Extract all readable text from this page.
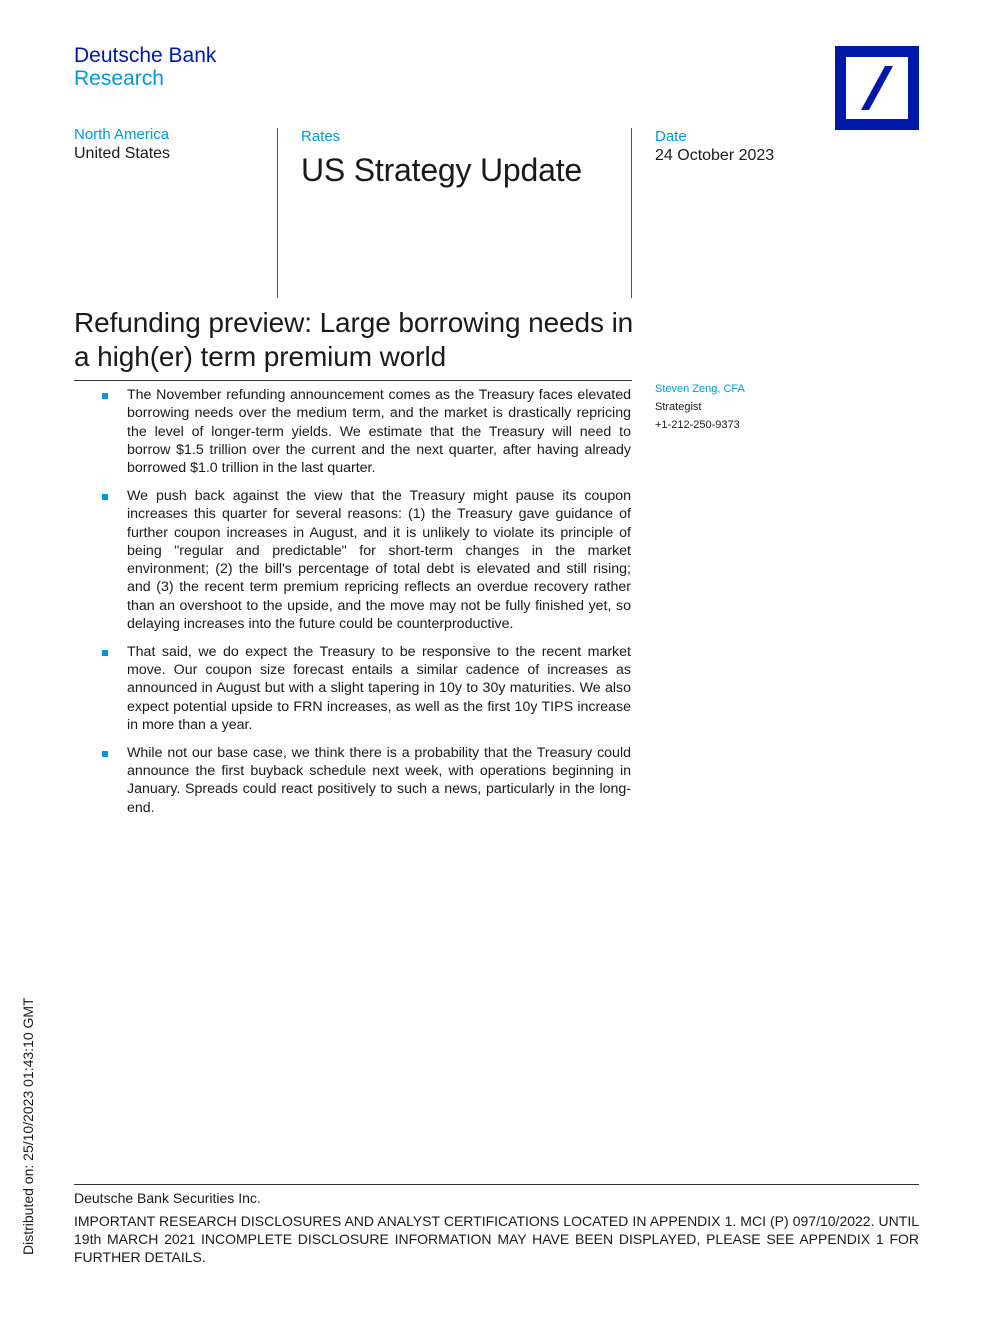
Deutsche Bank
Research
North America
United States
Rates
US Strategy Update
Date
24 October 2023
Refunding preview: Large borrowing needs in a high(er) term premium world
Steven Zeng, CFA
Strategist
+1-212-250-9373
The November refunding announcement comes as the Treasury faces elevated borrowing needs over the medium term, and the market is drastically repricing the level of longer-term yields. We estimate that the Treasury will need to borrow $1.5 trillion over the current and the next quarter, after having already borrowed $1.0 trillion in the last quarter.
We push back against the view that the Treasury might pause its coupon increases this quarter for several reasons: (1) the Treasury gave guidance of further coupon increases in August, and it is unlikely to violate its principle of being "regular and predictable" for short-term changes in the market environment; (2) the bill's percentage of total debt is elevated and still rising; and (3) the recent term premium repricing reflects an overdue recovery rather than an overshoot to the upside, and the move may not be fully finished yet, so delaying increases into the future could be counterproductive.
That said, we do expect the Treasury to be responsive to the recent market move. Our coupon size forecast entails a similar cadence of increases as announced in August but with a slight tapering in 10y to 30y maturities. We also expect potential upside to FRN increases, as well as the first 10y TIPS increase in more than a year.
While not our base case, we think there is a probability that the Treasury could announce the first buyback schedule next week, with operations beginning in January. Spreads could react positively to such a news, particularly in the long-end.
Distributed on: 25/10/2023 01:43:10 GMT	Deutsche Bank Securities Inc.
IMPORTANT RESEARCH DISCLOSURES AND ANALYST CERTIFICATIONS LOCATED IN APPENDIX 1. MCI (P) 097/10/2022. UNTIL 19th MARCH 2021 INCOMPLETE DISCLOSURE INFORMATION MAY HAVE BEEN DISPLAYED, PLEASE SEE APPENDIX 1 FOR FURTHER DETAILS.
